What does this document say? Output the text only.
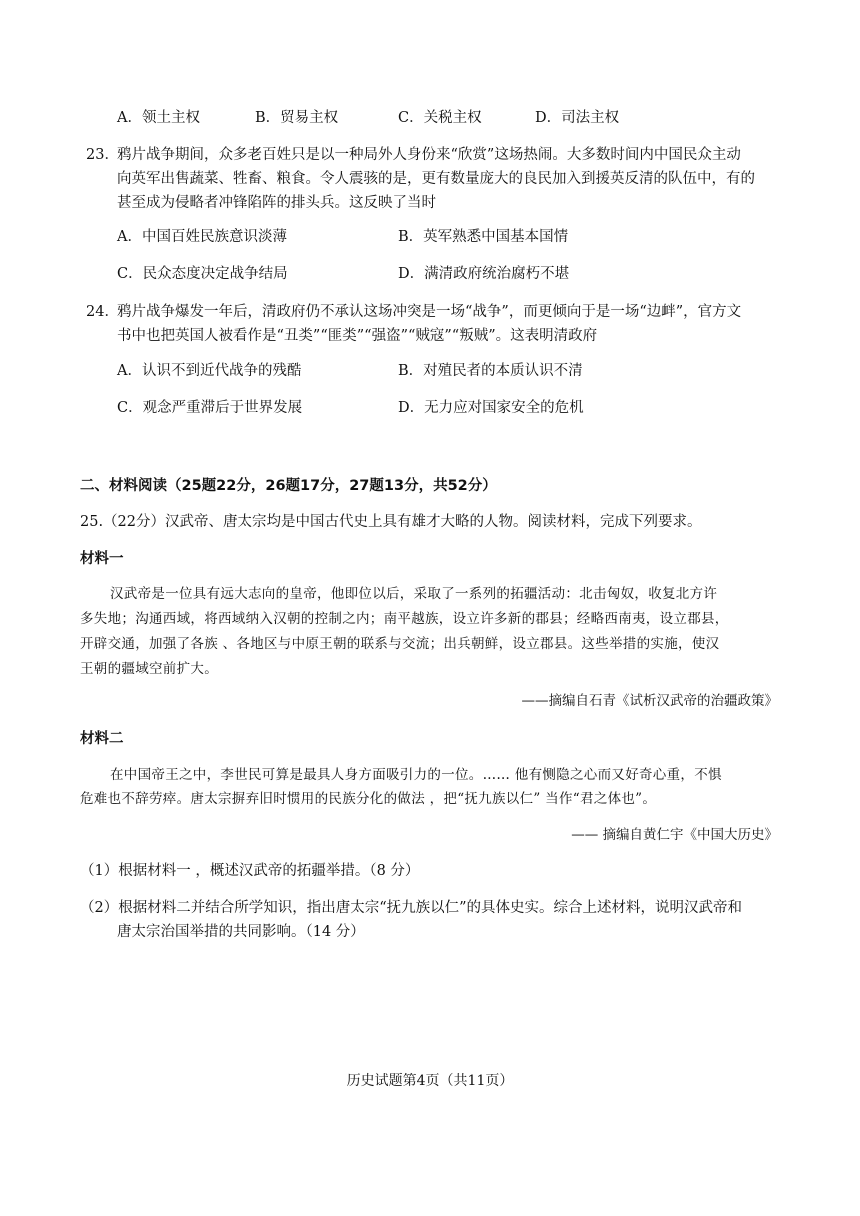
A．领土主权	B．贸易主权	C．关税主权	D．司法主权
23．
鸦片战争期间，众多老百姓只是以一种局外人身份来“欣赏”这场热闹。大多数时间内中国民众主动
向英军出售蔬菜、牲畜、粮食。令人震骇的是，更有数量庞大的良民加入到援英反清的队伍中，有的
甚至成为侵略者冲锋陷阵的排头兵。这反映了当时
A．中国百姓民族意识淡薄	B．英军熟悉中国基本国情
C．民众态度决定战争结局	D．满清政府统治腐朽不堪
24．
鸦片战争爆发一年后，清政府仍不承认这场冲突是一场“战争”，而更倾向于是一场“边衅”，官方文
书中也把英国人被看作是“丑类”“匪类”“强盗”“贼寇”“叛贼”。这表明清政府
A．认识不到近代战争的残酷	B．对殖民者的本质认识不清
C．观念严重滞后于世界发展	D．无力应对国家安全的危机
二、材料阅读（25题22分，26题17分，27题13分，共52分）
25.（22分）汉武帝、唐太宗均是中国古代史上具有雄才大略的人物。阅读材料，完成下列要求。
材料一
汉武帝是一位具有远大志向的皇帝，他即位以后，采取了一系列的拓疆活动：北击匈奴，收复北方许
多失地；沟通西域，将西域纳入汉朝的控制之内；南平越族，设立许多新的郡县；经略西南夷，设立郡县，
开辟交通，加强了各族 、各地区与中原王朝的联系与交流；出兵朝鲜，设立郡县。这些举措的实施，使汉
王朝的疆域空前扩大。
——摘编自石青《试析汉武帝的治疆政策》
材料二
在中国帝王之中，李世民可算是最具人身方面吸引力的一位。…… 他有恻隐之心而又好奇心重，不惧
危难也不辞劳瘁。唐太宗摒弃旧时惯用的民族分化的做法 ，把“抚九族以仁” 当作“君之体也”。
—— 摘编自黄仁宇《中国大历史》
（1）根据材料一 ，概述汉武帝的拓疆举措。（8 分）
（2）根据材料二并结合所学知识，指出唐太宗“抚九族以仁”的具体史实。综合上述材料，说明汉武帝和
唐太宗治国举措的共同影响。（14 分）
历史试题第4页（共11页）
